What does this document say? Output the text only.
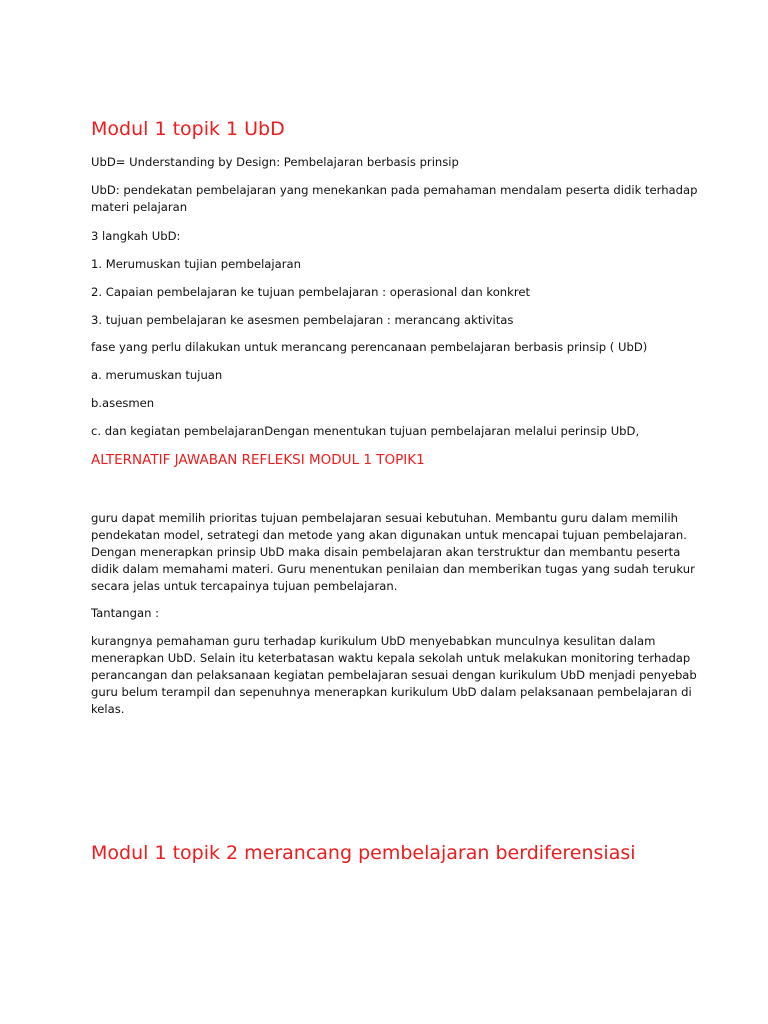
Modul 1 topik 1 UbD

UbD= Understanding by Design: Pembelajaran berbasis prinsip

UbD: pendekatan pembelajaran yang menekankan pada pemahaman mendalam peserta didik terhadap
materi pelajaran

3 langkah UbD:

1. Merumuskan tujian pembelajaran

2. Capaian pembelajaran ke tujuan pembelajaran : operasional dan konkret

3. tujuan pembelajaran ke asesmen pembelajaran : merancang aktivitas

fase yang perlu dilakukan untuk merancang perencanaan pembelajaran berbasis prinsip ( UbD)

a. merumuskan tujuan

b.asesmen

c. dan kegiatan pembelajaranDengan menentukan tujuan pembelajaran melalui perinsip UbD,

ALTERNATIF JAWABAN REFLEKSI MODUL 1 TOPIK1

guru dapat memilih prioritas tujuan pembelajaran sesuai kebutuhan. Membantu guru dalam memilih
pendekatan model, setrategi dan metode yang akan digunakan untuk mencapai tujuan pembelajaran.
Dengan menerapkan prinsip UbD maka disain pembelajaran akan terstruktur dan membantu peserta
didik dalam memahami materi. Guru menentukan penilaian dan memberikan tugas yang sudah terukur
secara jelas untuk tercapainya tujuan pembelajaran.

Tantangan :

kurangnya pemahaman guru terhadap kurikulum UbD menyebabkan munculnya kesulitan dalam
menerapkan UbD. Selain itu keterbatasan waktu kepala sekolah untuk melakukan monitoring terhadap
perancangan dan pelaksanaan kegiatan pembelajaran sesuai dengan kurikulum UbD menjadi penyebab
guru belum terampil dan sepenuhnya menerapkan kurikulum UbD dalam pelaksanaan pembelajaran di
kelas.

Modul 1 topik 2 merancang pembelajaran berdiferensiasi
